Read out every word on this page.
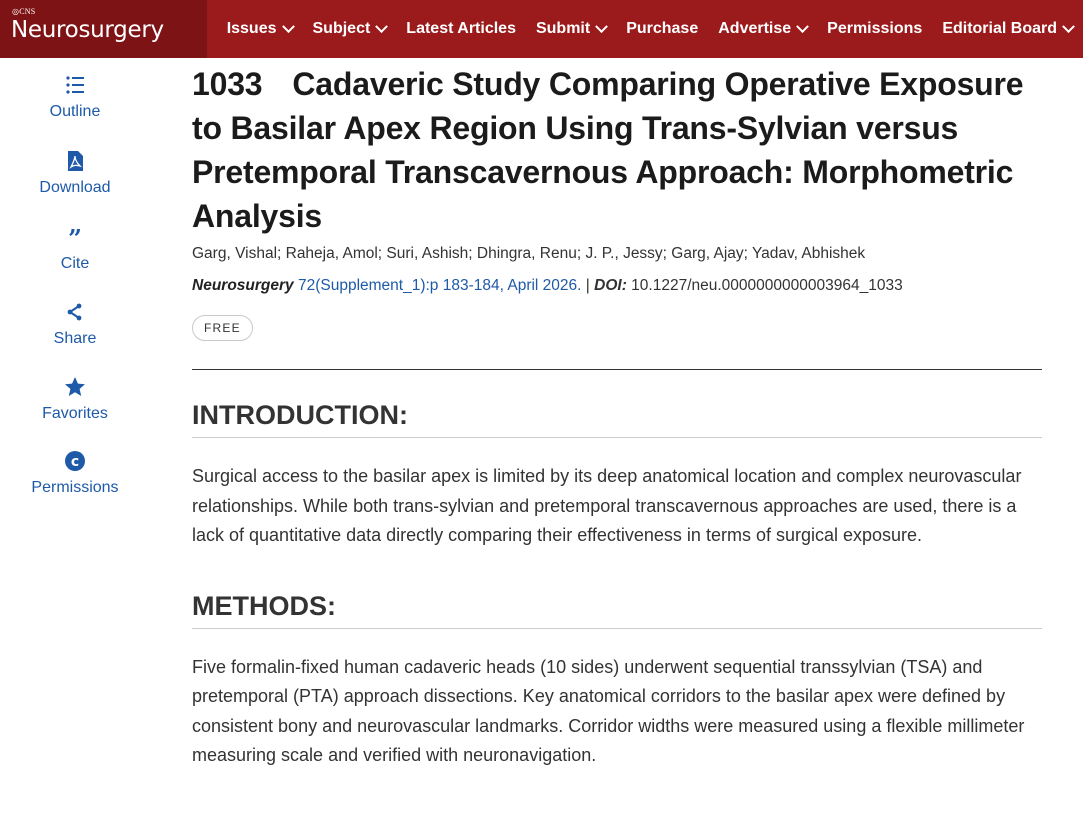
◎CNS
Neurosurgery	Issues Subject Latest Articles Submit Purchase Advertise Permissions Editorial Board
Outline
Download
”
Cite
Share
Favorites
c
Permissions
1033 Cadaveric Study Comparing Operative Exposure to Basilar Apex Region Using Trans-Sylvian versus Pretemporal Transcavernous Approach: Morphometric Analysis
Garg, Vishal; Raheja, Amol; Suri, Ashish; Dhingra, Renu; J. P., Jessy; Garg, Ajay; Yadav, Abhishek
Neurosurgery 72(Supplement_1):p 183-184, April 2026. | DOI: 10.1227/neu.0000000000003964_1033
FREE
INTRODUCTION:

Surgical access to the basilar apex is limited by its deep anatomical location and complex neurovascular relationships. While both trans-sylvian and pretemporal transcavernous approaches are used, there is a lack of quantitative data directly comparing their effectiveness in terms of surgical exposure.

METHODS:

Five formalin-fixed human cadaveric heads (10 sides) underwent sequential transsylvian (TSA) and pretemporal (PTA) approach dissections. Key anatomical corridors to the basilar apex were defined by consistent bony and neurovascular landmarks. Corridor widths were measured using a flexible millimeter measuring scale and verified with neuronavigation.
